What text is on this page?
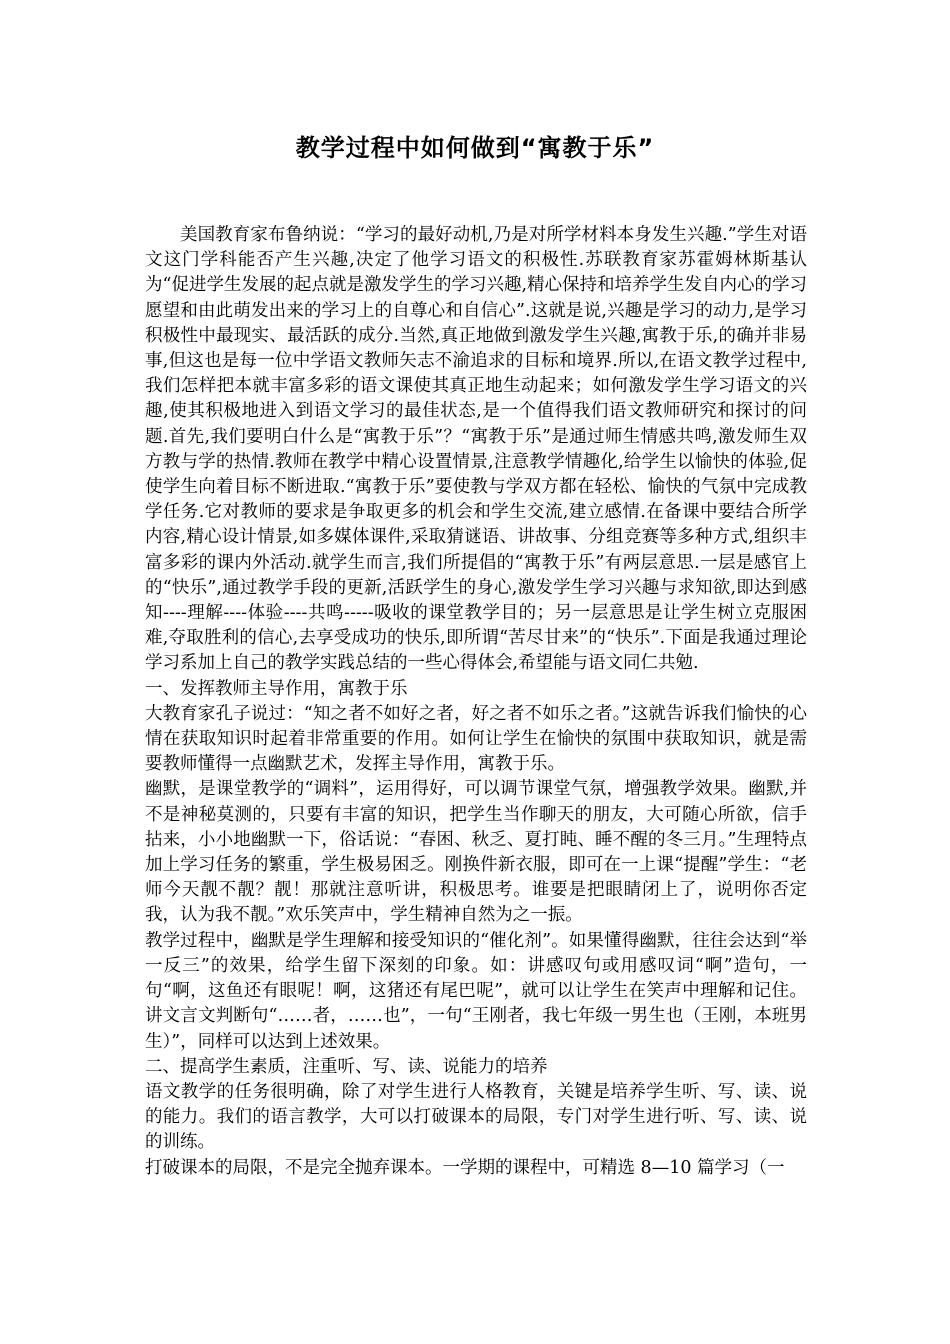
教学过程中如何做到“寓教于乐”

美国教育家布鲁纳说：“学习的最好动机,乃是对所学材料本身发生兴趣.”学生对语文这门学科能否产生兴趣,决定了他学习语文的积极性.苏联教育家苏霍姆林斯基认为“促进学生发展的起点就是激发学生的学习兴趣,精心保持和培养学生发自内心的学习愿望和由此萌发出来的学习上的自尊心和自信心”.这就是说,兴趣是学习的动力,是学习积极性中最现实、最活跃的成分.当然,真正地做到激发学生兴趣,寓教于乐,的确并非易事,但这也是每一位中学语文教师矢志不渝追求的目标和境界.所以,在语文教学过程中,我们怎样把本就丰富多彩的语文课使其真正地生动起来；如何激发学生学习语文的兴趣,使其积极地进入到语文学习的最佳状态,是一个值得我们语文教师研究和探讨的问题.首先,我们要明白什么是“寓教于乐”？“寓教于乐”是通过师生情感共鸣,激发师生双方教与学的热情.教师在教学中精心设置情景,注意教学情趣化,给学生以愉快的体验,促使学生向着目标不断进取.“寓教于乐”要使教与学双方都在轻松、愉快的气氛中完成教学任务.它对教师的要求是争取更多的机会和学生交流,建立感情.在备课中要结合所学内容,精心设计情景,如多媒体课件,采取猜谜语、讲故事、分组竞赛等多种方式,组织丰富多彩的课内外活动.就学生而言,我们所提倡的“寓教于乐”有两层意思.一层是感官上的“快乐”,通过教学手段的更新,活跃学生的身心,激发学生学习兴趣与求知欲,即达到感知----理解----体验----共鸣-----吸收的课堂教学目的；另一层意思是让学生树立克服困难,夺取胜利的信心,去享受成功的快乐,即所谓“苦尽甘来”的“快乐”.下面是我通过理论学习系加上自己的教学实践总结的一些心得体会,希望能与语文同仁共勉.

一、发挥教师主导作用，寓教于乐

大教育家孔子说过：“知之者不如好之者，好之者不如乐之者。”这就告诉我们愉快的心情在获取知识时起着非常重要的作用。如何让学生在愉快的氛围中获取知识，就是需要教师懂得一点幽默艺术，发挥主导作用，寓教于乐。

幽默，是课堂教学的“调料”，运用得好，可以调节课堂气氛，增强教学效果。幽默,并不是神秘莫测的，只要有丰富的知识，把学生当作聊天的朋友，大可随心所欲，信手拈来，小小地幽默一下，俗话说：“春困、秋乏、夏打盹、睡不醒的冬三月。”生理特点加上学习任务的繁重，学生极易困乏。刚换件新衣服，即可在一上课“提醒”学生：“老师今天靓不靓？靓！那就注意听讲，积极思考。谁要是把眼睛闭上了，说明你否定我，认为我不靓。”欢乐笑声中，学生精神自然为之一振。

教学过程中，幽默是学生理解和接受知识的“催化剂”。如果懂得幽默，往往会达到“举一反三”的效果，给学生留下深刻的印象。如：讲感叹句或用感叹词“啊”造句，一句“啊，这鱼还有眼呢！啊，这猪还有尾巴呢”，就可以让学生在笑声中理解和记住。讲文言文判断句“……者，……也”，一句“王刚者，我七年级一男生也（王刚，本班男生）”，同样可以达到上述效果。

二、提高学生素质，注重听、写、读、说能力的培养

语文教学的任务很明确，除了对学生进行人格教育，关键是培养学生听、写、读、说的能力。我们的语言教学，大可以打破课本的局限，专门对学生进行听、写、读、说的训练。

打破课本的局限，不是完全抛弃课本。一学期的课程中，可精选 8—10 篇学习（一
